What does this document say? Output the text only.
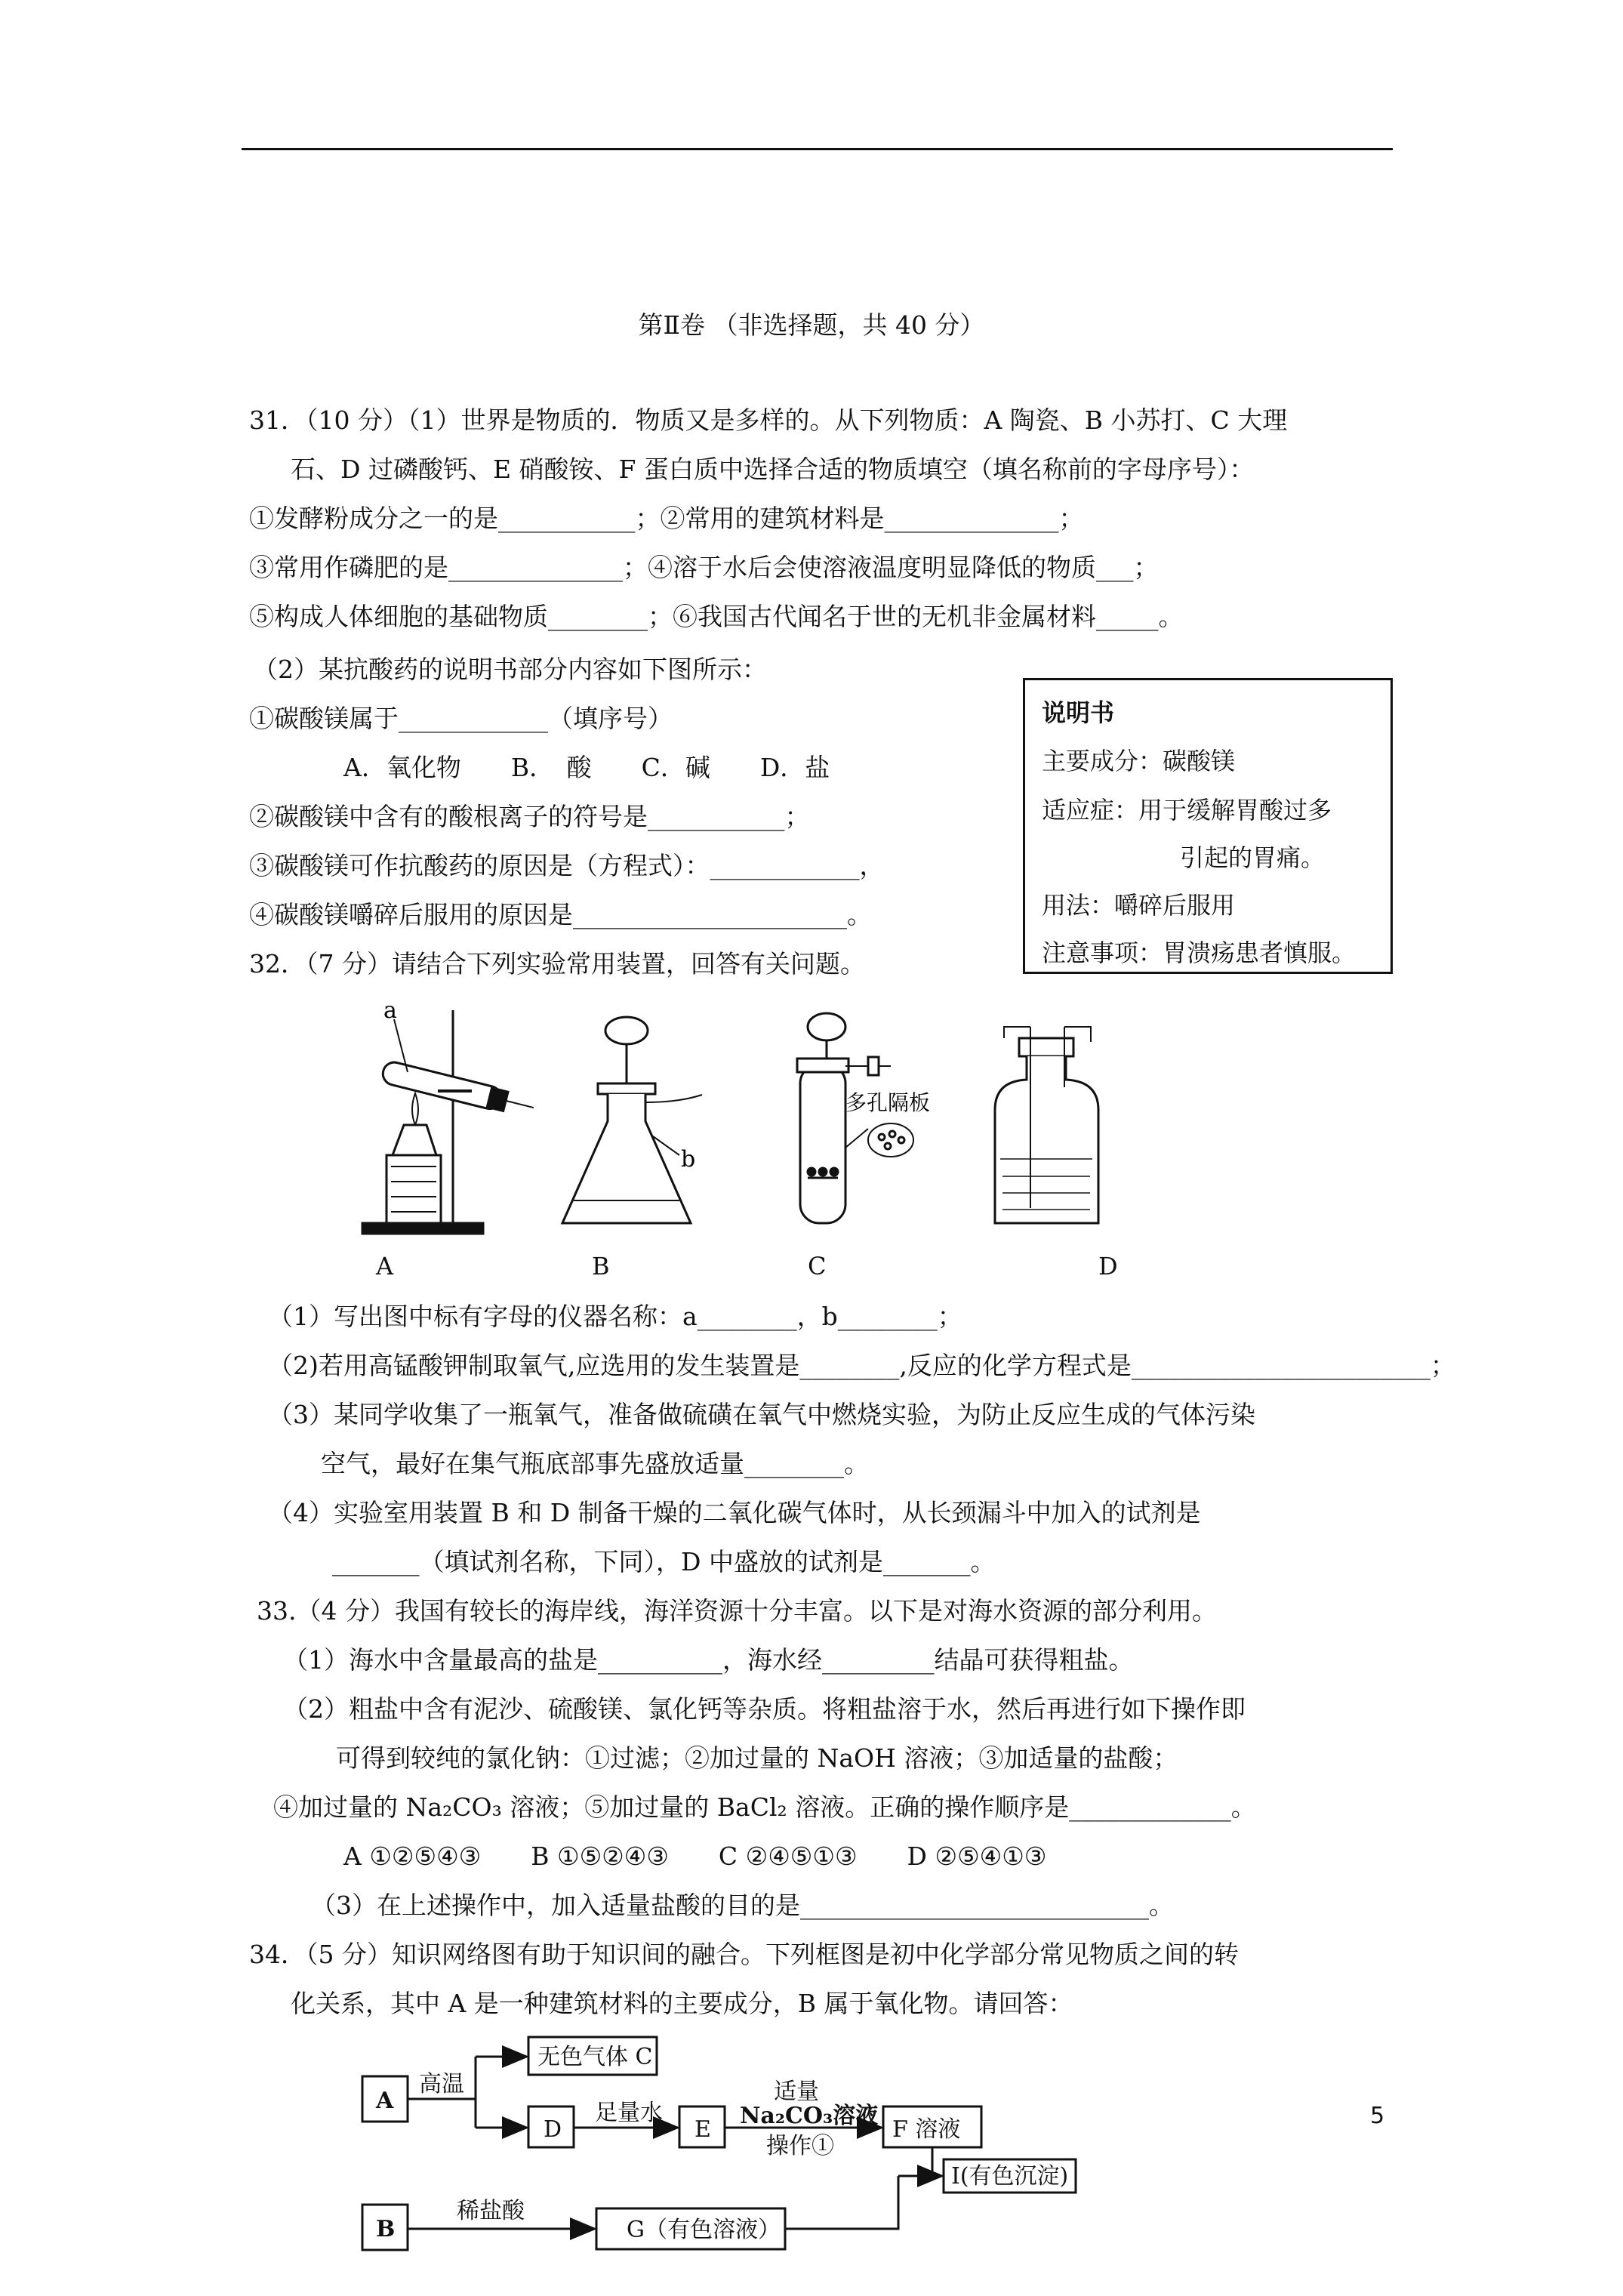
第Ⅱ卷 （非选择题，共 40 分）
31．（10 分）（1）世界是物质的．物质又是多样的。从下列物质：A 陶瓷、B 小苏打、C 大理
石、D 过磷酸钙、E 硝酸铵、F 蛋白质中选择合适的物质填空（填名称前的字母序号）：
①发酵粉成分之一的是___________；②常用的建筑材料是______________；
③常用作磷肥的是______________；④溶于水后会使溶液温度明显降低的物质___；
⑤构成人体细胞的基础物质________；⑥我国古代闻名于世的无机非金属材料_____。
（2）某抗酸药的说明书部分内容如下图所示：
①碳酸镁属于____________（填序号）
A．氧化物　　B．　酸　　C．碱　　D．盐
②碳酸镁中含有的酸根离子的符号是___________；
③碳酸镁可作抗酸药的原因是（方程式）：____________，
④碳酸镁嚼碎后服用的原因是______________________。
说明书
主要成分：碳酸镁
适应症：用于缓解胃酸过多
引起的胃痛。
用法：嚼碎后服用
注意事项：胃溃疡患者慎服。
32．（7 分）请结合下列实验常用装置，回答有关问题。
a
b
多孔隔板
A	B	C	D
（1）写出图中标有字母的仪器名称：a________，b________；
（2)若用高锰酸钾制取氧气,应选用的发生装置是________,反应的化学方程式是________________________；
（3）某同学收集了一瓶氧气，准备做硫磺在氧气中燃烧实验，为防止反应生成的气体污染
空气，最好在集气瓶底部事先盛放适量________。
（4）实验室用装置 B 和 D 制备干燥的二氧化碳气体时，从长颈漏斗中加入的试剂是
_______（填试剂名称，下同），D 中盛放的试剂是_______。
33.（4 分）我国有较长的海岸线，海洋资源十分丰富。以下是对海水资源的部分利用。
（1）海水中含量最高的盐是__________，海水经_________结晶可获得粗盐。
（2）粗盐中含有泥沙、硫酸镁、氯化钙等杂质。将粗盐溶于水，然后再进行如下操作即
可得到较纯的氯化钠：①过滤；②加过量的 NaOH 溶液；③加适量的盐酸；
④加过量的 Na₂CO₃ 溶液；⑤加过量的 BaCl₂ 溶液。正确的操作顺序是_____________。
A ①②⑤④③　　B ①⑤②④③　　C ②④⑤①③　　D ②⑤④①③
（3）在上述操作中，加入适量盐酸的目的是____________________________。
34．（5 分）知识网络图有助于知识间的融合。下列框图是初中化学部分常见物质之间的转
化关系，其中 A 是一种建筑材料的主要成分，B 属于氧化物。请回答：
A
高温
无色气体 C
D
足量水
E
适量
Na₂CO₃溶液
操作①
F 溶液
I(有色沉淀)
B
稀盐酸
G（有色溶液）
5
